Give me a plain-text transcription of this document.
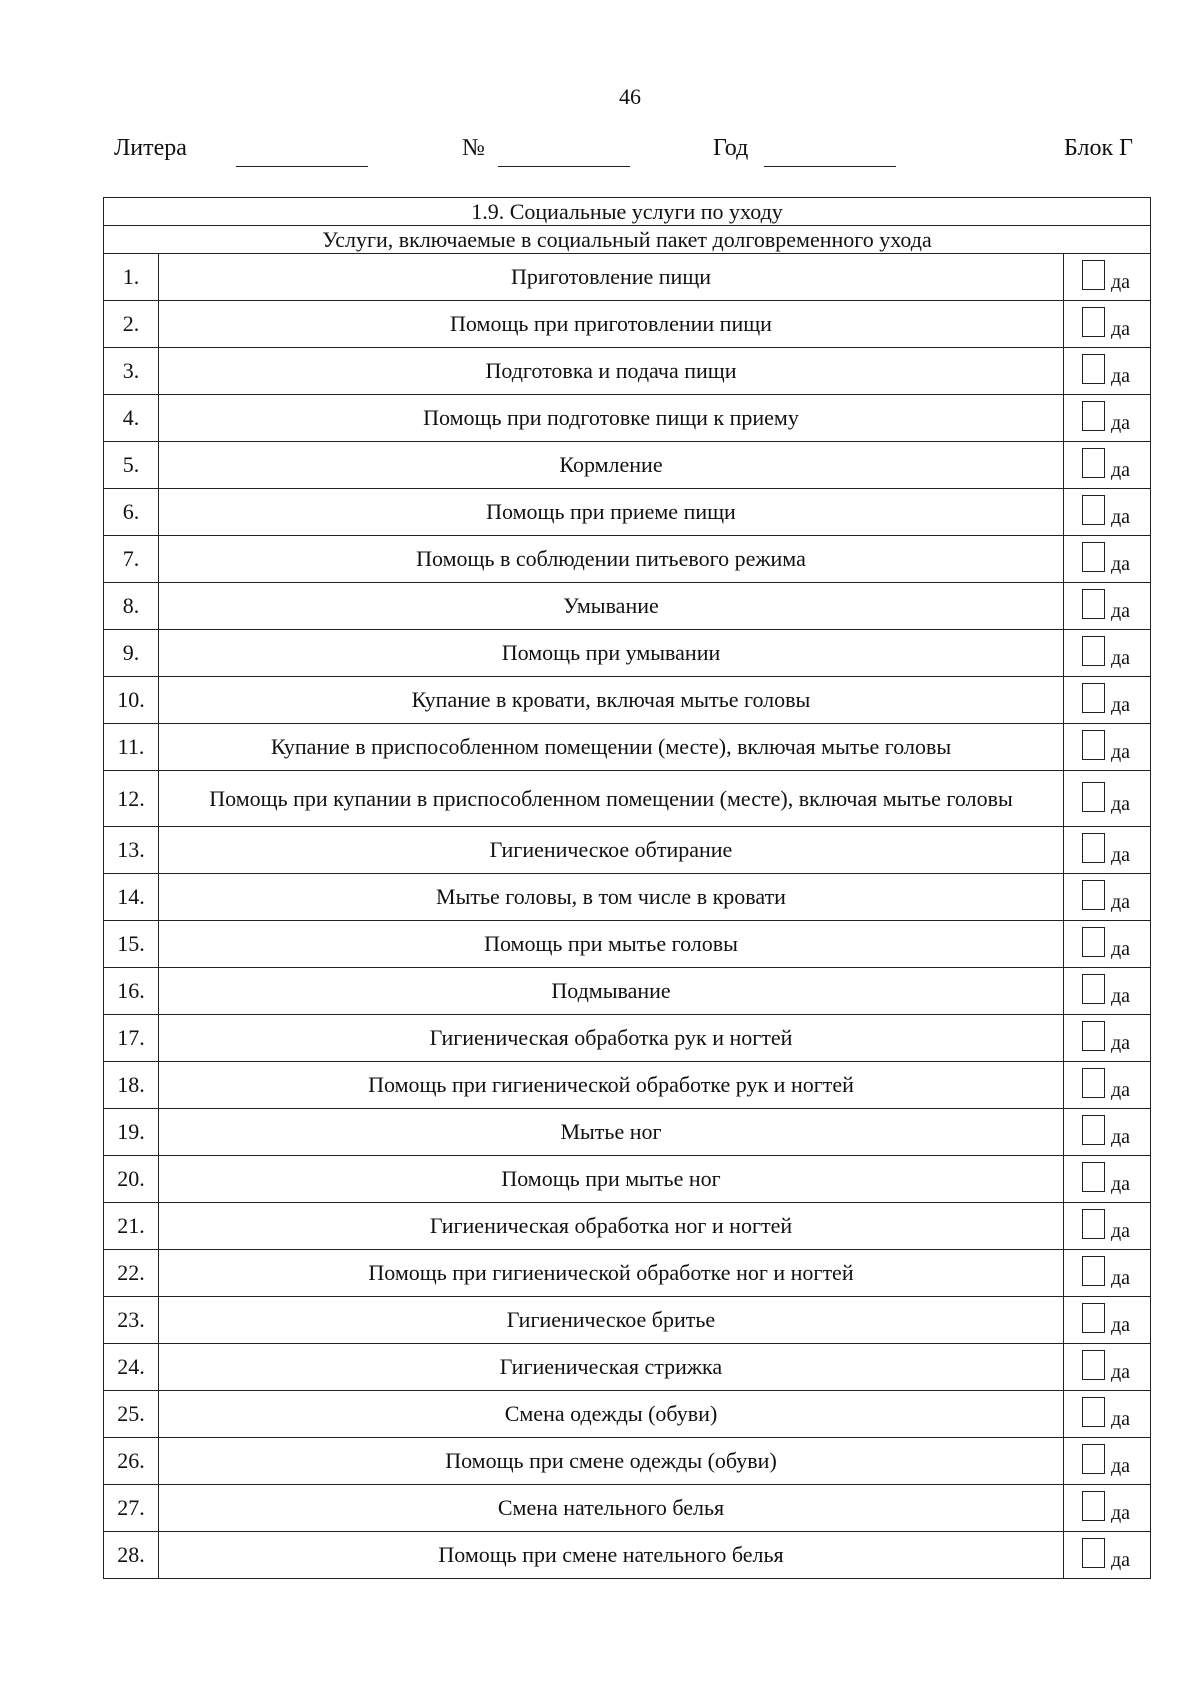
46
Литера	№	Год	Блок Г
1.9. Социальные услуги по уходу		
Услуги, включаемые в социальный пакет долговременного ухода		
1.	Приготовление пищи	да

2.	Помощь при приготовлении пищи	да

3.	Подготовка и подача пищи	да

4.	Помощь при подготовке пищи к приему	да

5.	Кормление	да

6.	Помощь при приеме пищи	да

7.	Помощь в соблюдении питьевого режима	да

8.	Умывание	да

9.	Помощь при умывании	да

10.	Купание в кровати, включая мытье головы	да

11.	Купание в приспособленном помещении (месте), включая мытье головы	да

12.	Помощь при купании в приспособленном помещении (месте), включая мытье головы	да

13.	Гигиеническое обтирание	да

14.	Мытье головы, в том числе в кровати	да

15.	Помощь при мытье головы	да

16.	Подмывание	да

17.	Гигиеническая обработка рук и ногтей	да

18.	Помощь при гигиенической обработке рук и ногтей	да

19.	Мытье ног	да

20.	Помощь при мытье ног	да

21.	Гигиеническая обработка ног и ногтей	да

22.	Помощь при гигиенической обработке ног и ногтей	да

23.	Гигиеническое бритье	да

24.	Гигиеническая стрижка	да

25.	Смена одежды (обуви)	да

26.	Помощь при смене одежды (обуви)	да

27.	Смена нательного белья	да

28.	Помощь при смене нательного белья	да
